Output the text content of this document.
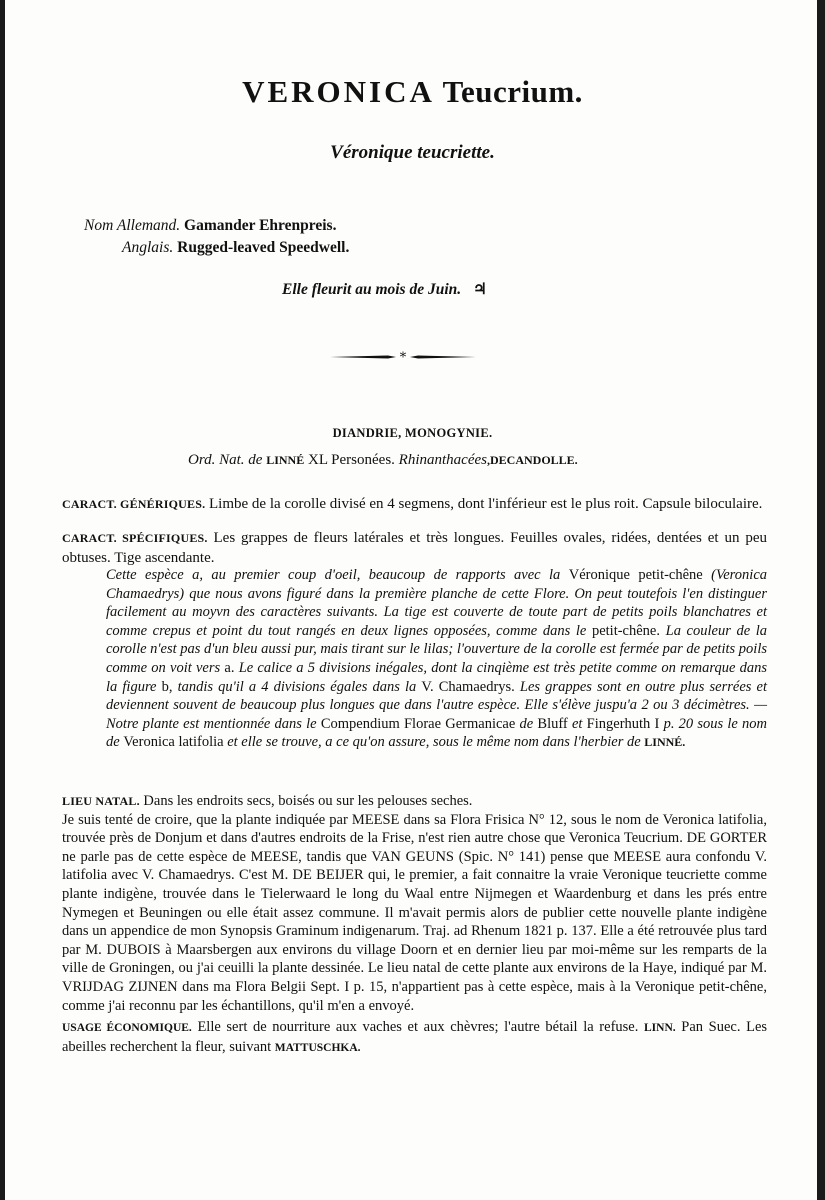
VERONICA Teucrium.
Véronique teucriette.
Nom Allemand. Gamander Ehrenpreis.
Anglais. Rugged-leaved Speedwell.
Elle fleurit au mois de Juin. ♃
*
DIANDRIE, MONOGYNIE.
Ord. Nat. de LINNÉ XL Personées. Rhinanthacées,DECANDOLLE.
CARACT. GÉNÉRIQUES. Limbe de la corolle divisé en 4 segmens, dont l'inférieur est le plus roit. Capsule biloculaire.
CARACT. SPÉCIFIQUES. Les grappes de fleurs latérales et très longues. Feuilles ovales, ridées, dentées et un peu obtuses. Tige ascendante.
Cette espèce a, au premier coup d'oeil, beaucoup de rapports avec la Véronique petit-chêne (Veronica Chamaedrys) que nous avons figuré dans la première planche de cette Flore. On peut toutefois l'en distinguer facilement au moyvn des caractères suivants. La tige est couverte de toute part de petits poils blanchatres et comme crepus et point du tout rangés en deux lignes opposées, comme dans le petit-chêne. La couleur de la corolle n'est pas d'un bleu aussi pur, mais tirant sur le lilas; l'ouverture de la corolle est fermée par de petits poils comme on voit vers a. Le calice a 5 divisions inégales, dont la cinqième est très petite comme on remarque dans la figure b, tandis qu'il a 4 divisions égales dans la V. Chamaedrys. Les grappes sont en outre plus serrées et deviennent souvent de beaucoup plus longues que dans l'autre espèce. Elle s'élève juspu'a 2 ou 3 décimètres. — Notre plante est mentionnée dans le Compendium Florae Germanicae de Bluff et Fingerhuth I p. 20 sous le nom de Veronica latifolia et elle se trouve, a ce qu'on assure, sous le même nom dans l'herbier de LINNÉ.
LIEU NATAL. Dans les endroits secs, boisés ou sur les pelouses seches.
Je suis tenté de croire, que la plante indiquée par MEESE dans sa Flora Frisica N° 12, sous le nom de Veronica latifolia, trouvée près de Donjum et dans d'autres endroits de la Frise, n'est rien autre chose que Veronica Teucrium. DE GORTER ne parle pas de cette espèce de MEESE, tandis que VAN GEUNS (Spic. N° 141) pense que MEESE aura confondu V. latifolia avec V. Chamaedrys. C'est M. DE BEIJER qui, le premier, a fait connaitre la vraie Veronique teucriette comme plante indigène, trouvée dans le Tielerwaard le long du Waal entre Nijmegen et Waardenburg et dans les prés entre Nymegen et Beuningen ou elle était assez commune. Il m'avait permis alors de publier cette nouvelle plante indigène dans un appendice de mon Synopsis Graminum indigenarum. Traj. ad Rhenum 1821 p. 137. Elle a été retrouvée plus tard par M. DUBOIS à Maarsbergen aux environs du village Doorn et en dernier lieu par moi-même sur les remparts de la ville de Groningen, ou j'ai ceuilli la plante dessinée. Le lieu natal de cette plante aux environs de la Haye, indiqué par M. VRIJDAG ZIJNEN dans ma Flora Belgii Sept. I p. 15, n'appartient pas à cette espèce, mais à la Veronique petit-chêne, comme j'ai reconnu par les échantillons, qu'il m'en a envoyé.
USAGE ÉCONOMIQUE. Elle sert de nourriture aux vaches et aux chèvres; l'autre bétail la refuse. LINN. Pan Suec. Les abeilles recherchent la fleur, suivant MATTUSCHKA.
